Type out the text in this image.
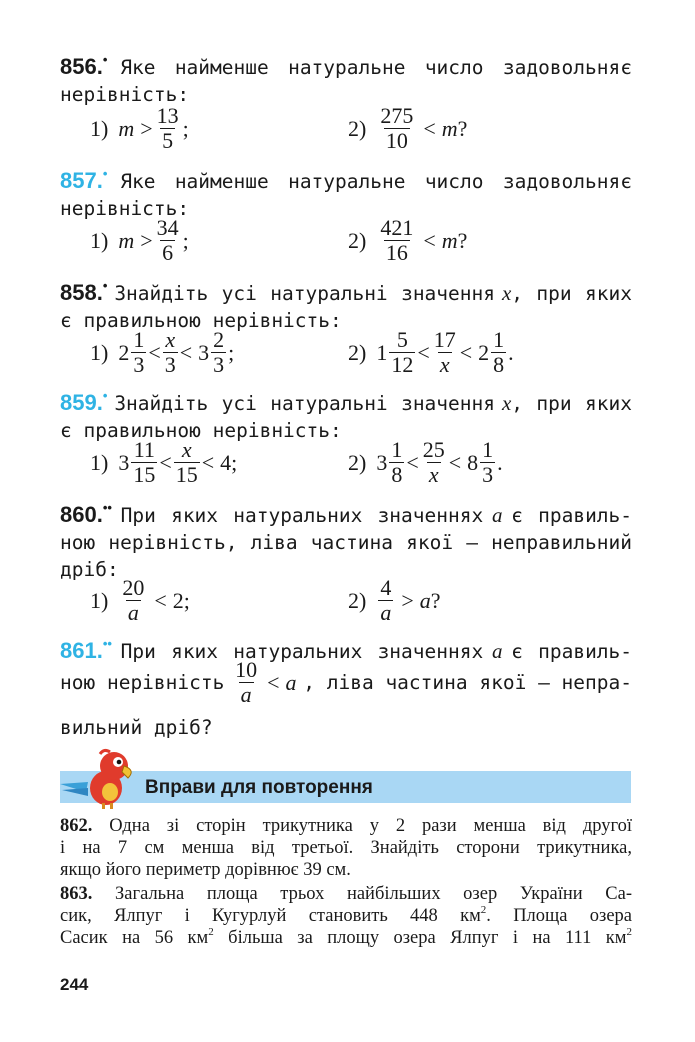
856.• Яке найменше натуральне число задовольняє
нерівність:
1) $m > \frac{13}{5}$ ;	$2) \frac{275}{10} < m$ ?
857.• Яке найменше натуральне число задовольняє
нерівність:
1) $m > \frac{34}{6}$ ;	$2) \frac{421}{16} < m$ ?
858.• Знайдіть усі натуральні значення x, при яких
є правильною нерівність:
1) $2 \frac{1}{3} < \frac{x}{3} < 3 \frac{2}{3}$ ;	2) $1 \frac{5}{12} < \frac{17}{x} < 2 \frac{1}{8}$ .
859.• Знайдіть усі натуральні значення x, при яких
є правильною нерівність:
1) $3 \frac{11}{15} < \frac{x}{15} < 4$ ;	2) $3 \frac{1}{8} < \frac{25}{x} < 8 \frac{1}{3}$ .
860.•• При яких натуральних значеннях a є правиль-
ною нерівність, ліва частина якої — неправильний
дріб:
$1) \frac{20}{a} < 2$ ;	$2) \frac{4}{a} > a$ ?
861.•• При яких натуральних значеннях a є правиль-
ною нерівність $\frac{10}{a} < a$ , ліва частина якої — непра-
вильний дріб?
Вправи для повторення
862. Одна зі сторін трикутника у 2 рази менша від другої
і на 7 см менша від третьої. Знайдіть сторони трикутника,
якщо його периметр дорівнює 39 см.
863. Загальна площа трьох найбільших озер України Са-
сик, Ялпуг і Кугурлуй становить 448 $км^2$. Площа озера
Сасик на 56 $км^2$ більша за площу озера Ялпуг і на 111 $км^2$
244
